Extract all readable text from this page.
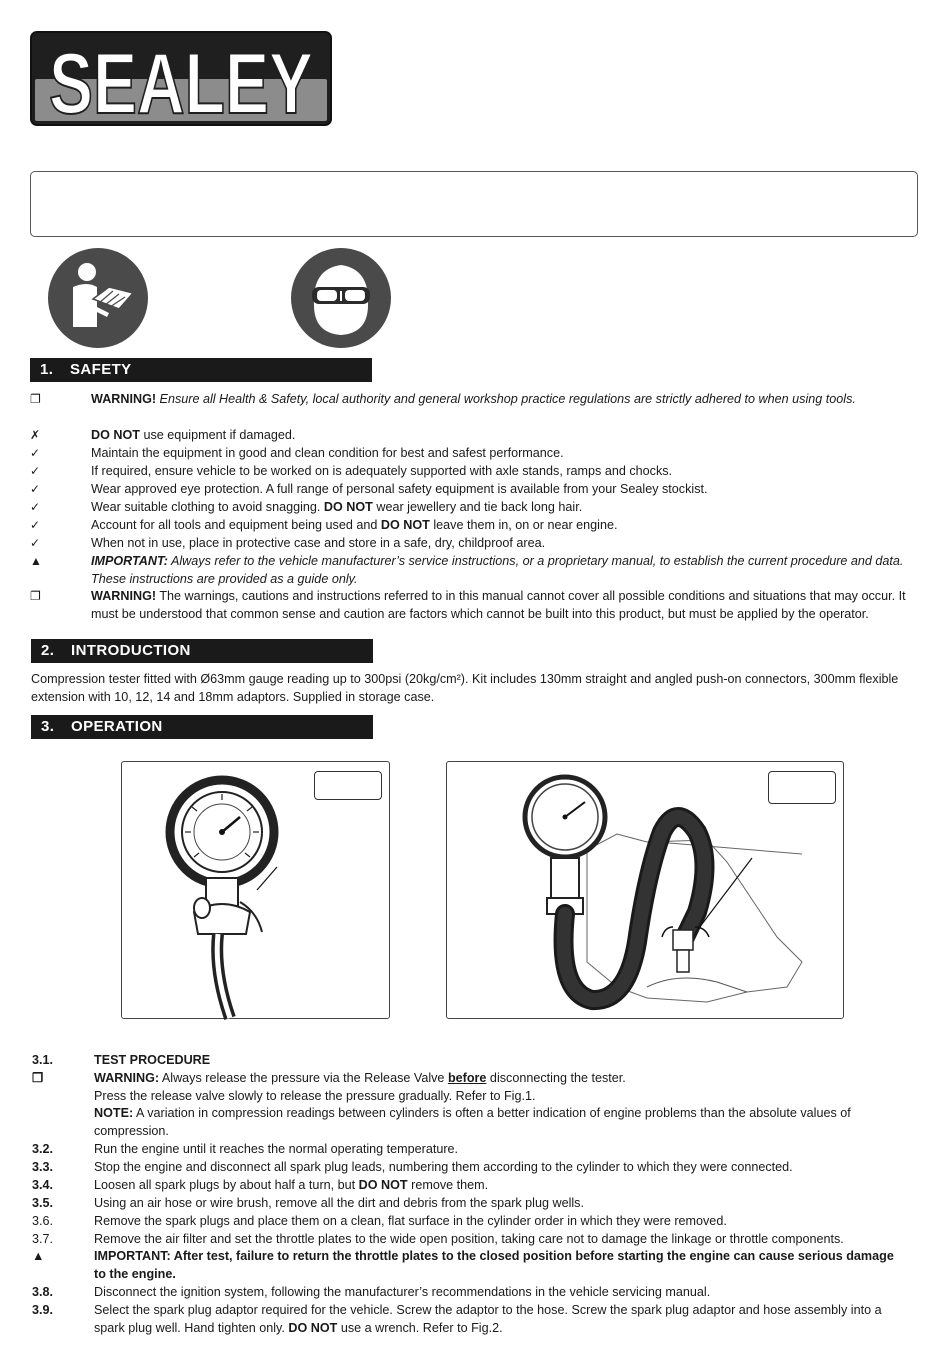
SEALEY
1. SAFETY
❐	WARNING! Ensure all Health & Safety, local authority and general workshop practice regulations are strictly adhered to when using tools.
✗	DO NOT use equipment if damaged.
✓	Maintain the equipment in good and clean condition for best and safest performance.
✓	If required, ensure vehicle to be worked on is adequately supported with axle stands, ramps and chocks.
✓	Wear approved eye protection. A full range of personal safety equipment is available from your Sealey stockist.
✓	Wear suitable clothing to avoid snagging. DO NOT wear jewellery and tie back long hair.
✓	Account for all tools and equipment being used and DO NOT leave them in, on or near engine.
✓	When not in use, place in protective case and store in a safe, dry, childproof area.
▲	IMPORTANT: Always refer to the vehicle manufacturer’s service instructions, or a proprietary manual, to establish the current procedure and data. These instructions are provided as a guide only.
❐	WARNING! The warnings, cautions and instructions referred to in this manual cannot cover all possible conditions and situations that may occur. It must be understood that common sense and caution are factors which cannot be built into this product, but must be applied by the operator.
2. INTRODUCTION
Compression tester fitted with Ø63mm gauge reading up to 300psi (20kg/cm²). Kit includes 130mm straight and angled push-on connectors, 300mm flexible extension with 10, 12, 14 and 18mm adaptors. Supplied in storage case.
3. OPERATION
3.1.	TEST PROCEDURE
❐	WARNING: Always release the pressure via the Release Valve before disconnecting the tester.
Press the release valve slowly to release the pressure gradually. Refer to Fig.1.
NOTE: A variation in compression readings between cylinders is often a better indication of engine problems than the absolute values of compression.
3.2.	Run the engine until it reaches the normal operating temperature.
3.3.	Stop the engine and disconnect all spark plug leads, numbering them according to the cylinder to which they were connected.
3.4.	Loosen all spark plugs by about half a turn, but DO NOT remove them.
3.5.	Using an air hose or wire brush, remove all the dirt and debris from the spark plug wells.
3.6.	Remove the spark plugs and place them on a clean, flat surface in the cylinder order in which they were removed.
3.7.	Remove the air filter and set the throttle plates to the wide open position, taking care not to damage the linkage or throttle components.
▲	IMPORTANT: After test, failure to return the throttle plates to the closed position before starting the engine can cause serious damage to the engine.
3.8.	Disconnect the ignition system, following the manufacturer’s recommendations in the vehicle servicing manual.
3.9.	Select the spark plug adaptor required for the vehicle. Screw the adaptor to the hose. Screw the spark plug adaptor and hose assembly into a spark plug well. Hand tighten only. DO NOT use a wrench. Refer to Fig.2.
